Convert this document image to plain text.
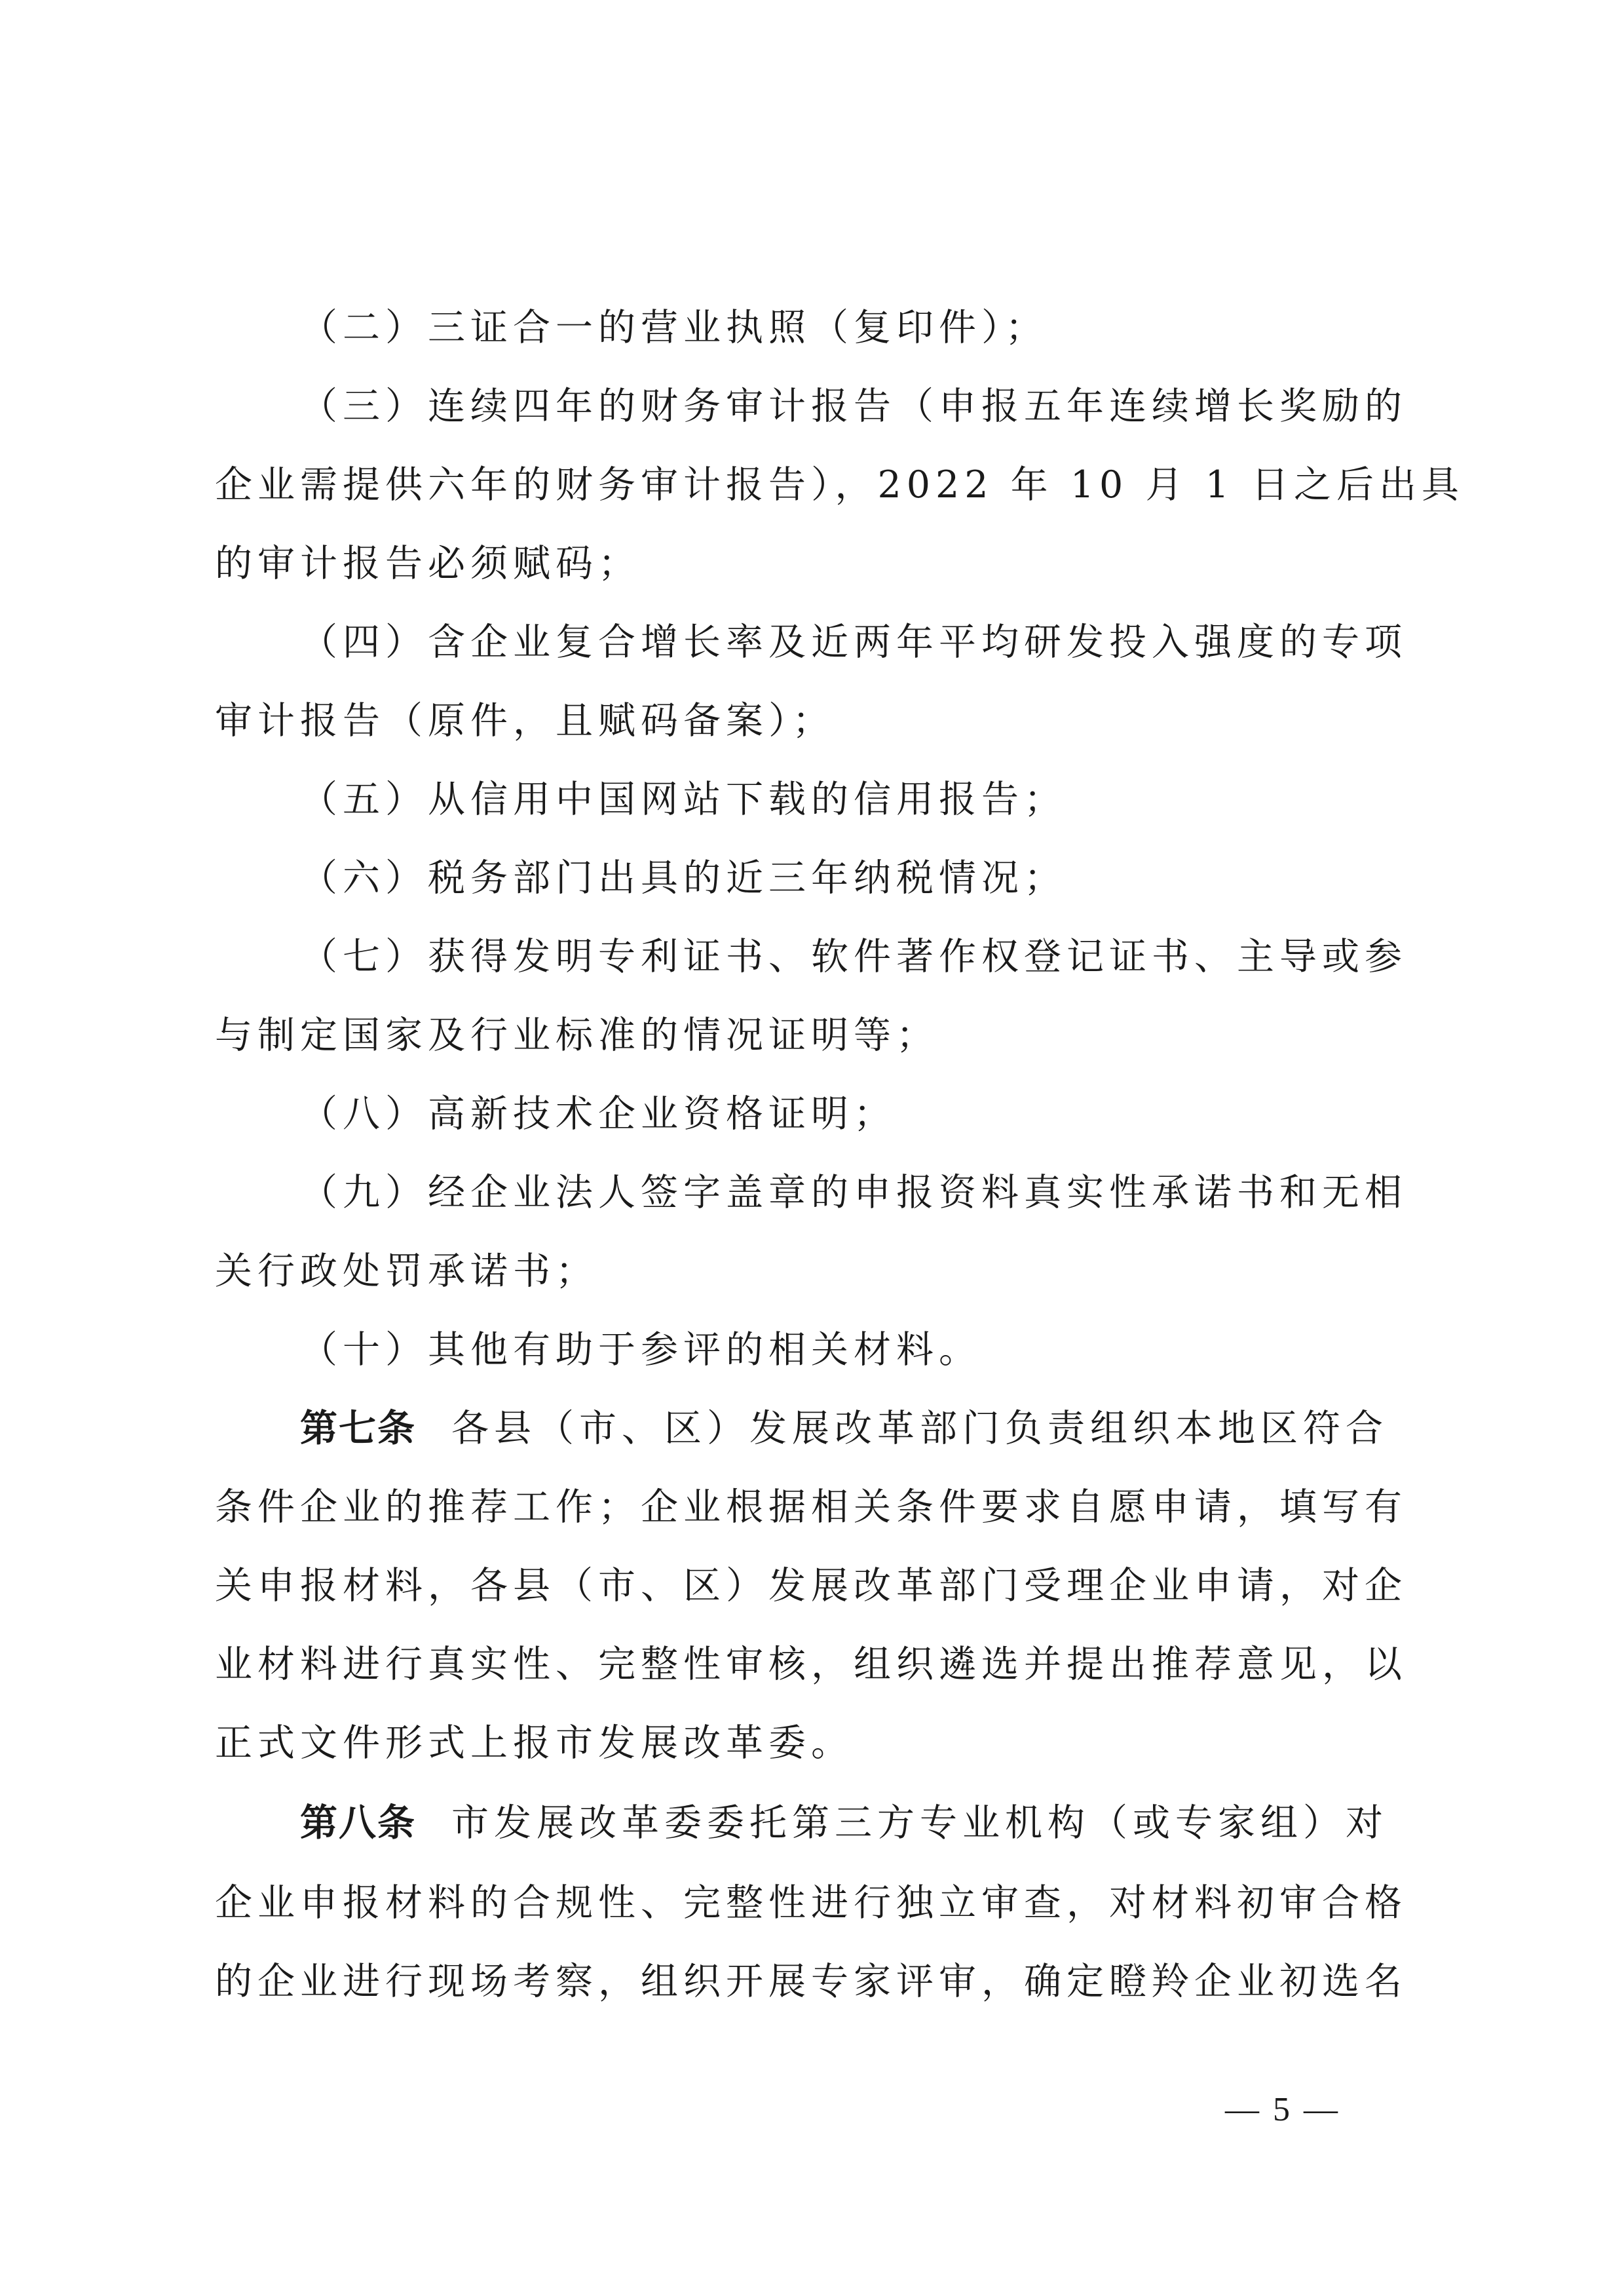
（二）三证合一的营业执照（复印件）；
（三）连续四年的财务审计报告（申报五年连续增长奖励的
企业需提供六年的财务审计报告），2022 年 10 月 1 日之后出具
的审计报告必须赋码；
（四）含企业复合增长率及近两年平均研发投入强度的专项
审计报告（原件，且赋码备案）；
（五）从信用中国网站下载的信用报告；
（六）税务部门出具的近三年纳税情况；
（七）获得发明专利证书、软件著作权登记证书、主导或参
与制定国家及行业标准的情况证明等；
（八）高新技术企业资格证明；
（九）经企业法人签字盖章的申报资料真实性承诺书和无相
关行政处罚承诺书；
（十）其他有助于参评的相关材料。
第七条 各县（市、区）发展改革部门负责组织本地区符合
条件企业的推荐工作；企业根据相关条件要求自愿申请，填写有
关申报材料，各县（市、区）发展改革部门受理企业申请，对企
业材料进行真实性、完整性审核，组织遴选并提出推荐意见，以
正式文件形式上报市发展改革委。
第八条 市发展改革委委托第三方专业机构（或专家组）对
企业申报材料的合规性、完整性进行独立审查，对材料初审合格
的企业进行现场考察，组织开展专家评审，确定瞪羚企业初选名
— 5 —
